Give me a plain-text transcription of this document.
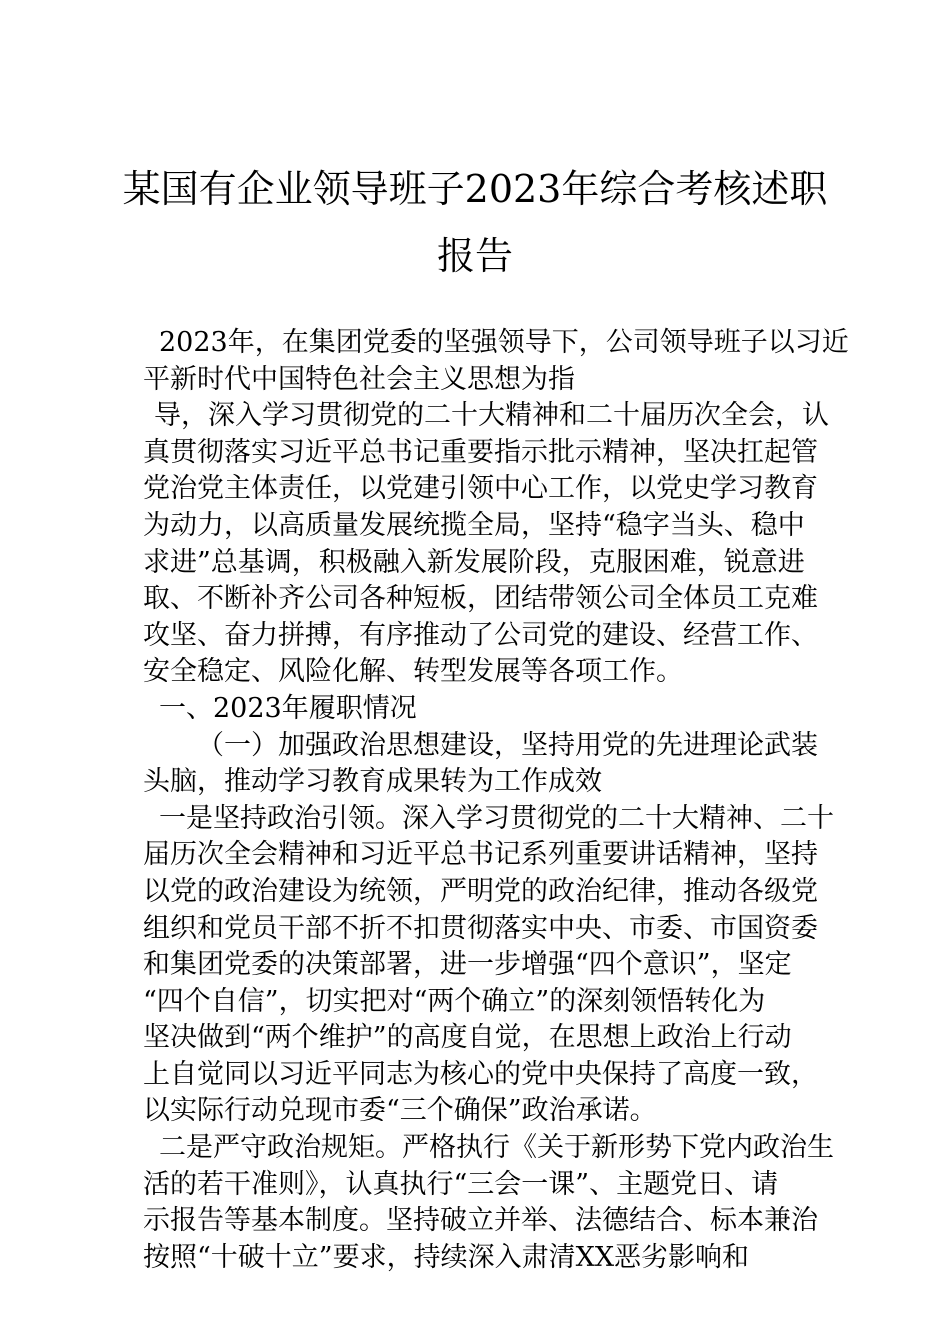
某国有企业领导班子2023年综合考核述职
报告
2023年，在集团党委的坚强领导下，公司领导班子以习近
平新时代中国特色社会主义思想为指
导，深入学习贯彻党的二十大精神和二十届历次全会，认
真贯彻落实习近平总书记重要指示批示精神，坚决扛起管
党治党主体责任，以党建引领中心工作，以党史学习教育
为动力，以高质量发展统揽全局，坚持“稳字当头、稳中
求进”总基调，积极融入新发展阶段，克服困难，锐意进
取、不断补齐公司各种短板，团结带领公司全体员工克难
攻坚、奋力拼搏，有序推动了公司党的建设、经营工作、
安全稳定、风险化解、转型发展等各项工作。
一、2023年履职情况
（一）加强政治思想建设，坚持用党的先进理论武装
头脑，推动学习教育成果转为工作成效
一是坚持政治引领。深入学习贯彻党的二十大精神、二十
届历次全会精神和习近平总书记系列重要讲话精神，坚持
以党的政治建设为统领，严明党的政治纪律，推动各级党
组织和党员干部不折不扣贯彻落实中央、市委、市国资委
和集团党委的决策部署，进一步增强“四个意识”，坚定
“四个自信”，切实把对“两个确立”的深刻领悟转化为
坚决做到“两个维护”的高度自觉，在思想上政治上行动
上自觉同以习近平同志为核心的党中央保持了高度一致，
以实际行动兑现市委“三个确保”政治承诺。
二是严守政治规矩。严格执行《关于新形势下党内政治生
活的若干准则》，认真执行“三会一课”、主题党日、请
示报告等基本制度。坚持破立并举、法德结合、标本兼治
按照“十破十立”要求，持续深入肃清XX恶劣影响和
